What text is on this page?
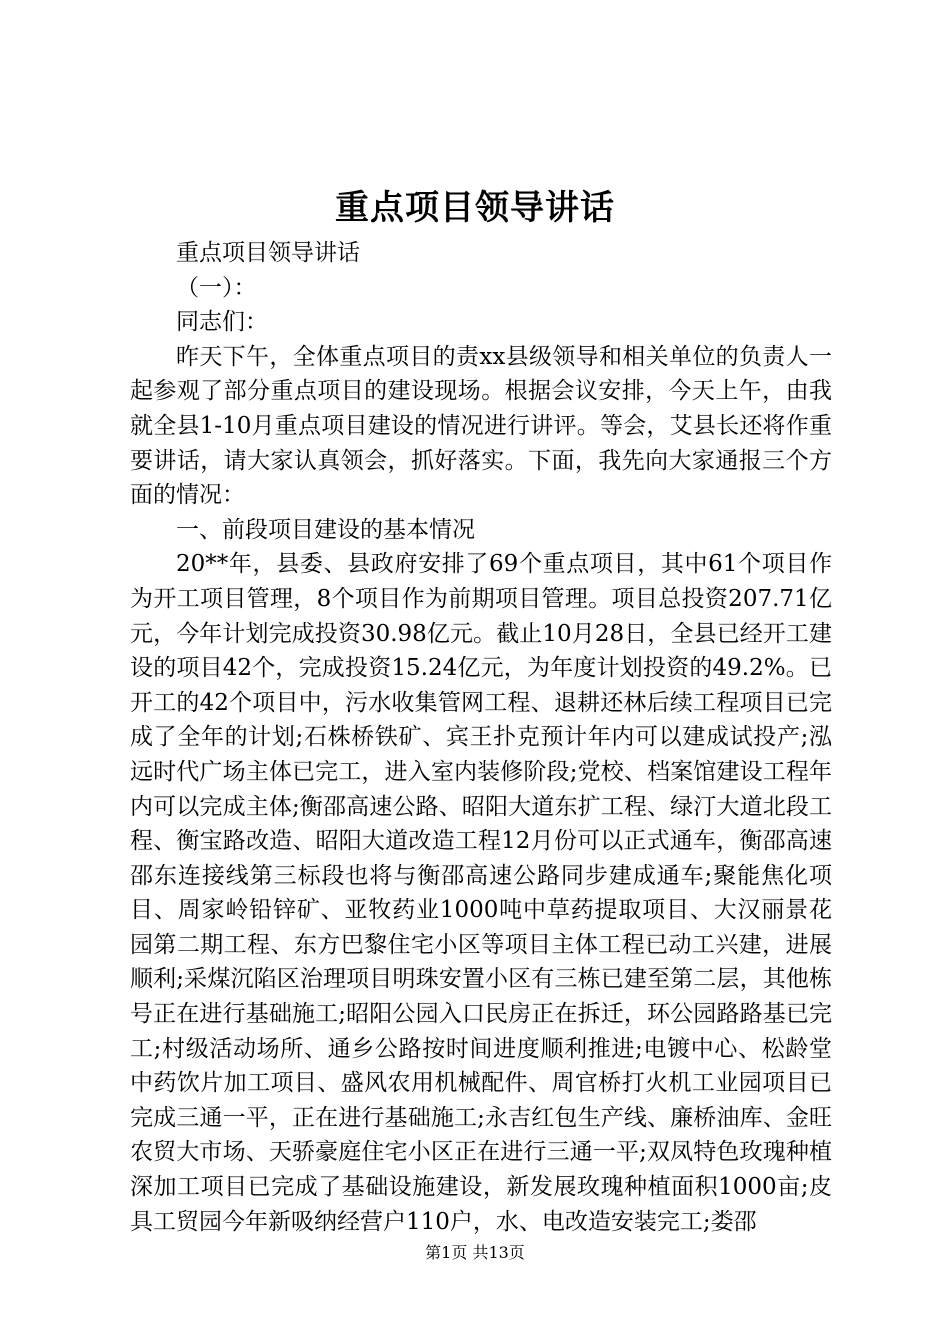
重点项目领导讲话

重点项目领导讲话

（一）：

同志们：

昨天下午，全体重点项目的责xx县级领导和相关单位的负责人一起参观了部分重点项目的建设现场。根据会议安排，今天上午，由我就全县1-10月重点项目建设的情况进行讲评。等会，艾县长还将作重要讲话，请大家认真领会，抓好落实。下面，我先向大家通报三个方面的情况：

一、前段项目建设的基本情况

20**年，县委、县政府安排了69个重点项目，其中61个项目作为开工项目管理，8个项目作为前期项目管理。项目总投资207.71亿元，今年计划完成投资30.98亿元。截止10月28日，全县已经开工建设的项目42个，完成投资15.24亿元，为年度计划投资的49.2%。已开工的42个项目中，污水收集管网工程、退耕还林后续工程项目已完成了全年的计划;石株桥铁矿、宾王扑克预计年内可以建成试投产;泓远时代广场主体已完工，进入室内装修阶段;党校、档案馆建设工程年内可以完成主体;衡邵高速公路、昭阳大道东扩工程、绿汀大道北段工程、衡宝路改造、昭阳大道改造工程12月份可以正式通车，衡邵高速邵东连接线第三标段也将与衡邵高速公路同步建成通车;聚能焦化项目、周家岭铅锌矿、亚牧药业1000吨中草药提取项目、大汉丽景花园第二期工程、东方巴黎住宅小区等项目主体工程已动工兴建，进展顺利;采煤沉陷区治理项目明珠安置小区有三栋已建至第二层，其他栋号正在进行基础施工;昭阳公园入口民房正在拆迁，环公园路路基已完工;村级活动场所、通乡公路按时间进度顺利推进;电镀中心、松龄堂中药饮片加工项目、盛风农用机械配件、周官桥打火机工业园项目已完成三通一平，正在进行基础施工;永吉红包生产线、廉桥油库、金旺农贸大市场、天骄豪庭住宅小区正在进行三通一平;双凤特色玫瑰种植深加工项目已完成了基础设施建设，新发展玫瑰种植面积1000亩;皮具工贸园今年新吸纳经营户110户，水、电改造安装完工;娄邵

第1页 共13页
